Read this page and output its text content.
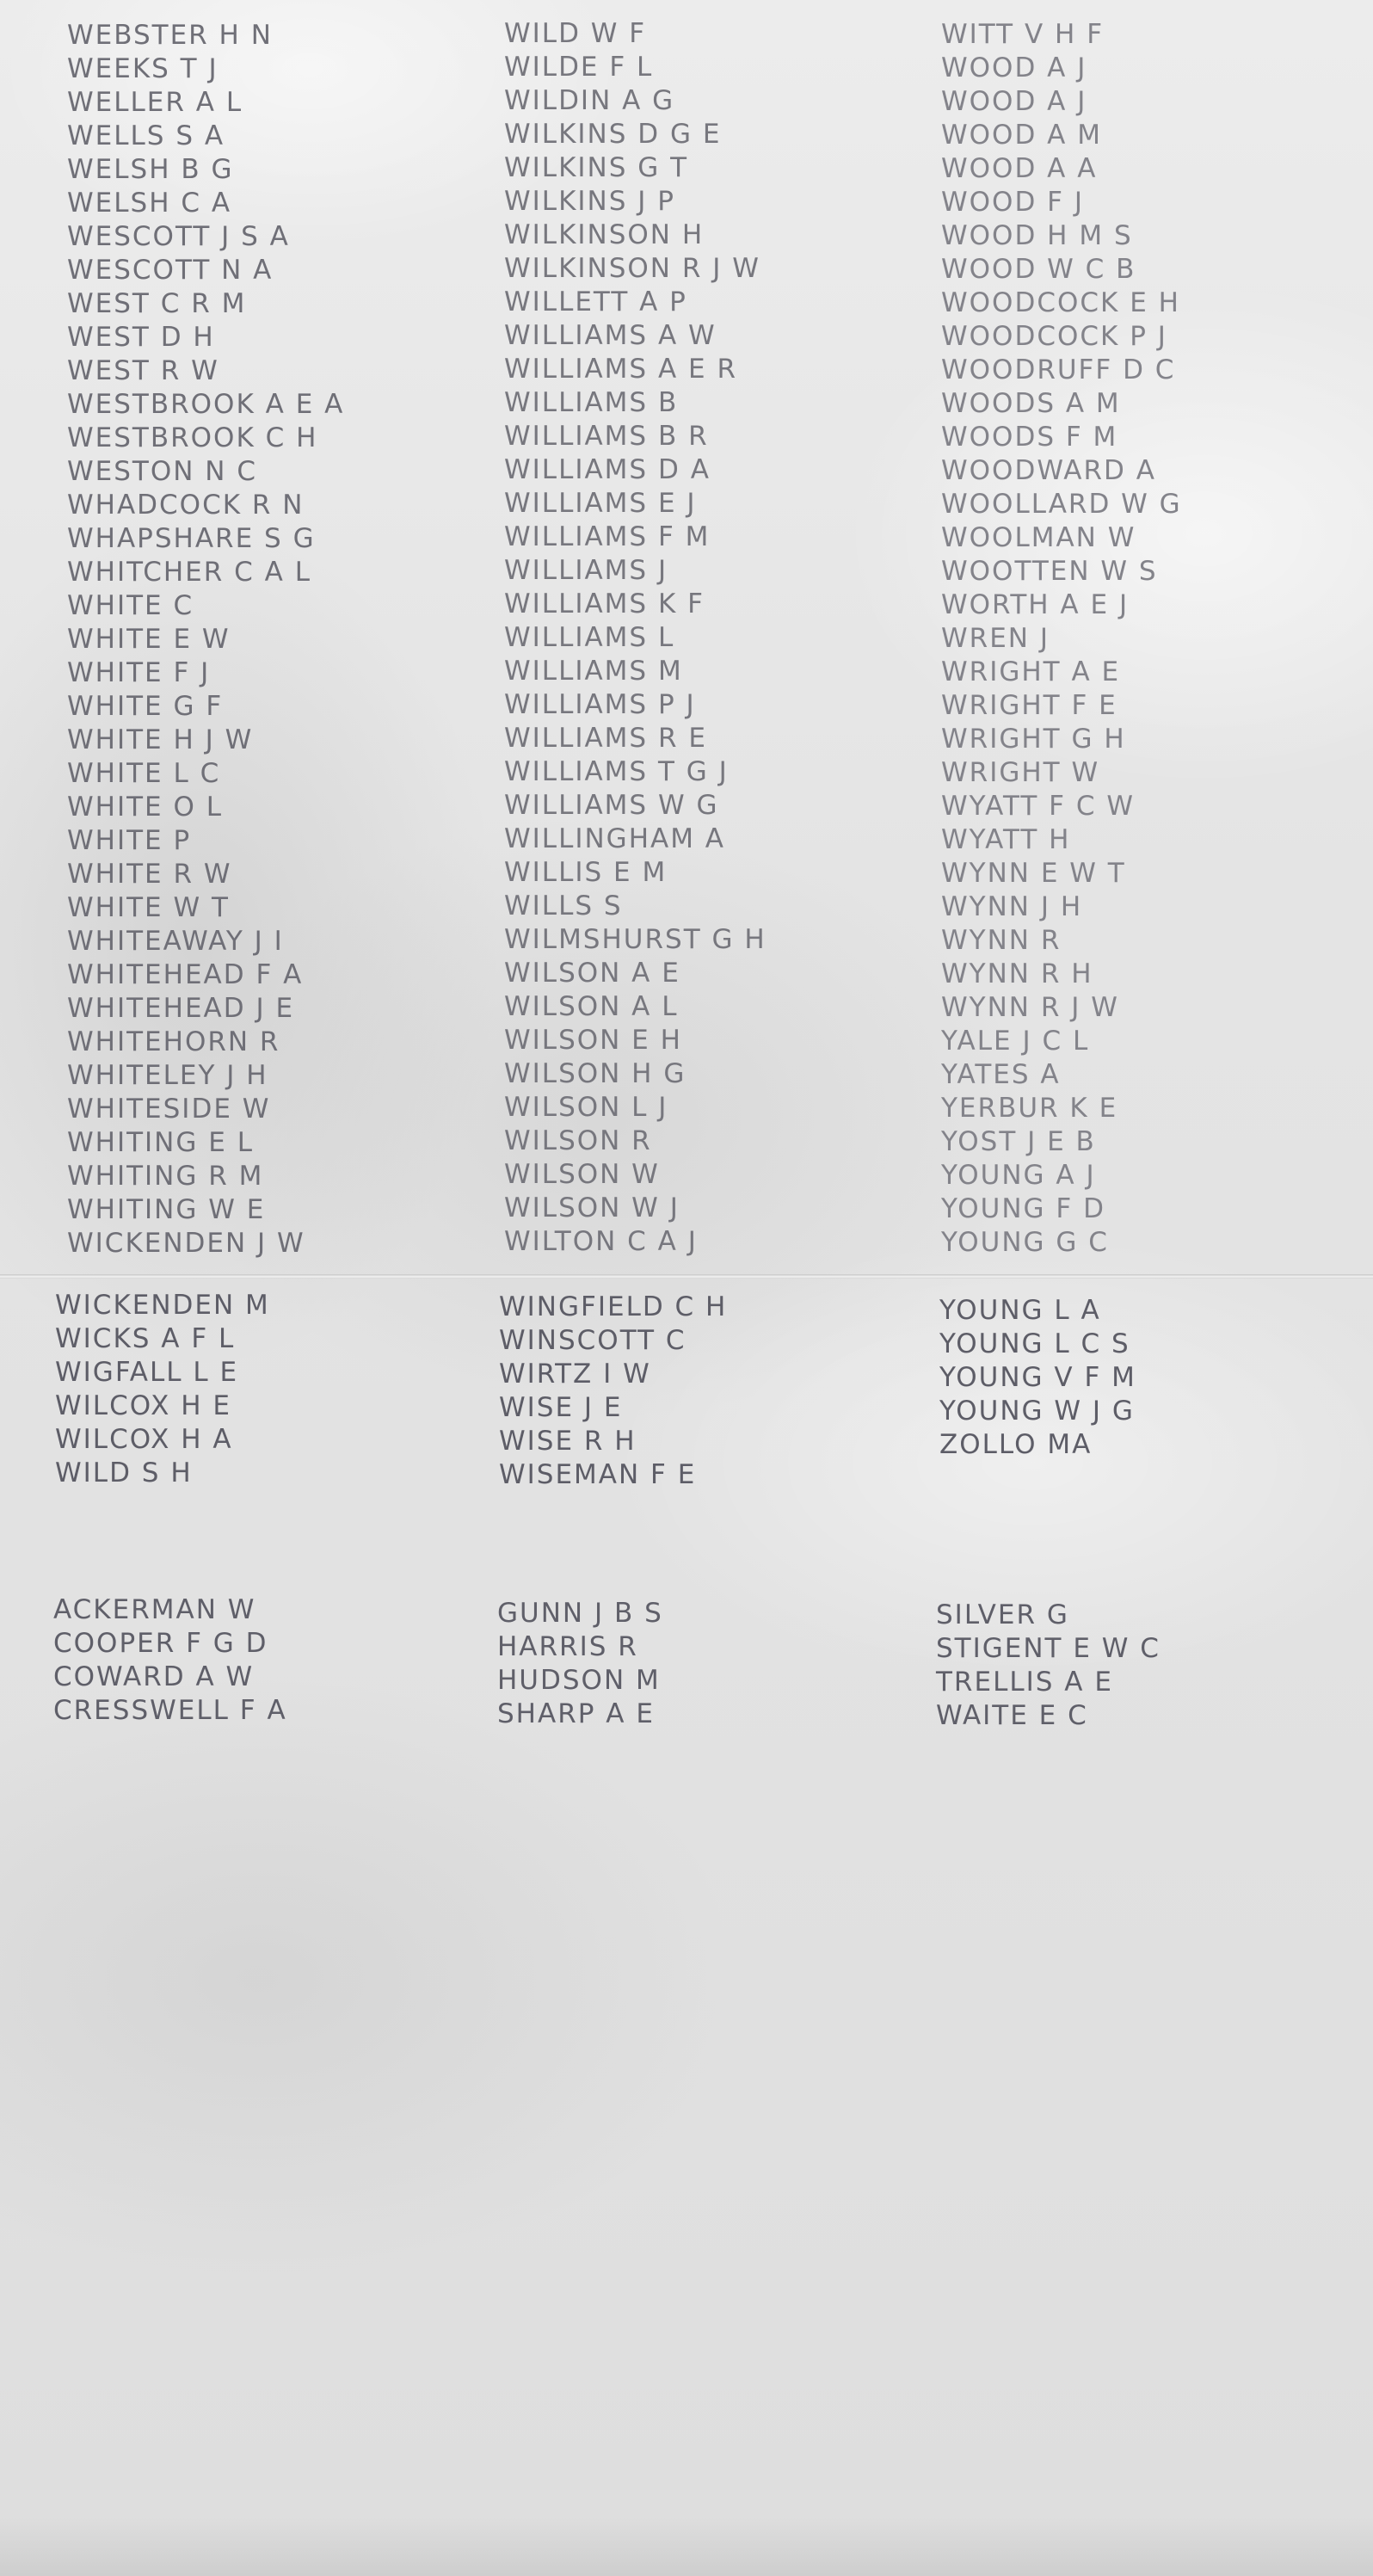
WEBSTER H N
WEEKS T J
WELLER A L
WELLS S A
WELSH B G
WELSH C A
WESCOTT J S A
WESCOTT N A
WEST C R M
WEST D H
WEST R W
WESTBROOK A E A
WESTBROOK C H
WESTON N C
WHADCOCK R N
WHAPSHARE S G
WHITCHER C A L
WHITE C
WHITE E W
WHITE F J
WHITE G F
WHITE H J W
WHITE L C
WHITE O L
WHITE P
WHITE R W
WHITE W T
WHITEAWAY J I
WHITEHEAD F A
WHITEHEAD J E
WHITEHORN R
WHITELEY J H
WHITESIDE W
WHITING E L
WHITING R M
WHITING W E
WICKENDEN J W
WILD W F
WILDE F L
WILDIN A G
WILKINS D G E
WILKINS G T
WILKINS J P
WILKINSON H
WILKINSON R J W
WILLETT A P
WILLIAMS A W
WILLIAMS A E R
WILLIAMS B
WILLIAMS B R
WILLIAMS D A
WILLIAMS E J
WILLIAMS F M
WILLIAMS J
WILLIAMS K F
WILLIAMS L
WILLIAMS M
WILLIAMS P J
WILLIAMS R E
WILLIAMS T G J
WILLIAMS W G
WILLINGHAM A
WILLIS E M
WILLS S
WILMSHURST G H
WILSON A E
WILSON A L
WILSON E H
WILSON H G
WILSON L J
WILSON R
WILSON W
WILSON W J
WILTON C A J
WITT V H F
WOOD A J
WOOD A J
WOOD A M
WOOD A A
WOOD F J
WOOD H M S
WOOD W C B
WOODCOCK E H
WOODCOCK P J
WOODRUFF D C
WOODS A M
WOODS F M
WOODWARD A
WOOLLARD W G
WOOLMAN W
WOOTTEN W S
WORTH A E J
WREN J
WRIGHT A E
WRIGHT F E
WRIGHT G H
WRIGHT W
WYATT F C W
WYATT H
WYNN E W T
WYNN J H
WYNN R
WYNN R H
WYNN R J W
YALE J C L
YATES A
YERBUR K E
YOST J E B
YOUNG A J
YOUNG F D
YOUNG G C
WICKENDEN M
WICKS A F L
WIGFALL L E
WILCOX H E
WILCOX H A
WILD S H
WINGFIELD C H
WINSCOTT C
WIRTZ I W
WISE J E
WISE R H
WISEMAN F E
YOUNG L A
YOUNG L C S
YOUNG V F M
YOUNG W J G
ZOLLO MA
ACKERMAN W
COOPER F G D
COWARD A W
CRESSWELL F A
GUNN J B S
HARRIS R
HUDSON M
SHARP A E
SILVER G
STIGENT E W C
TRELLIS A E
WAITE E C
